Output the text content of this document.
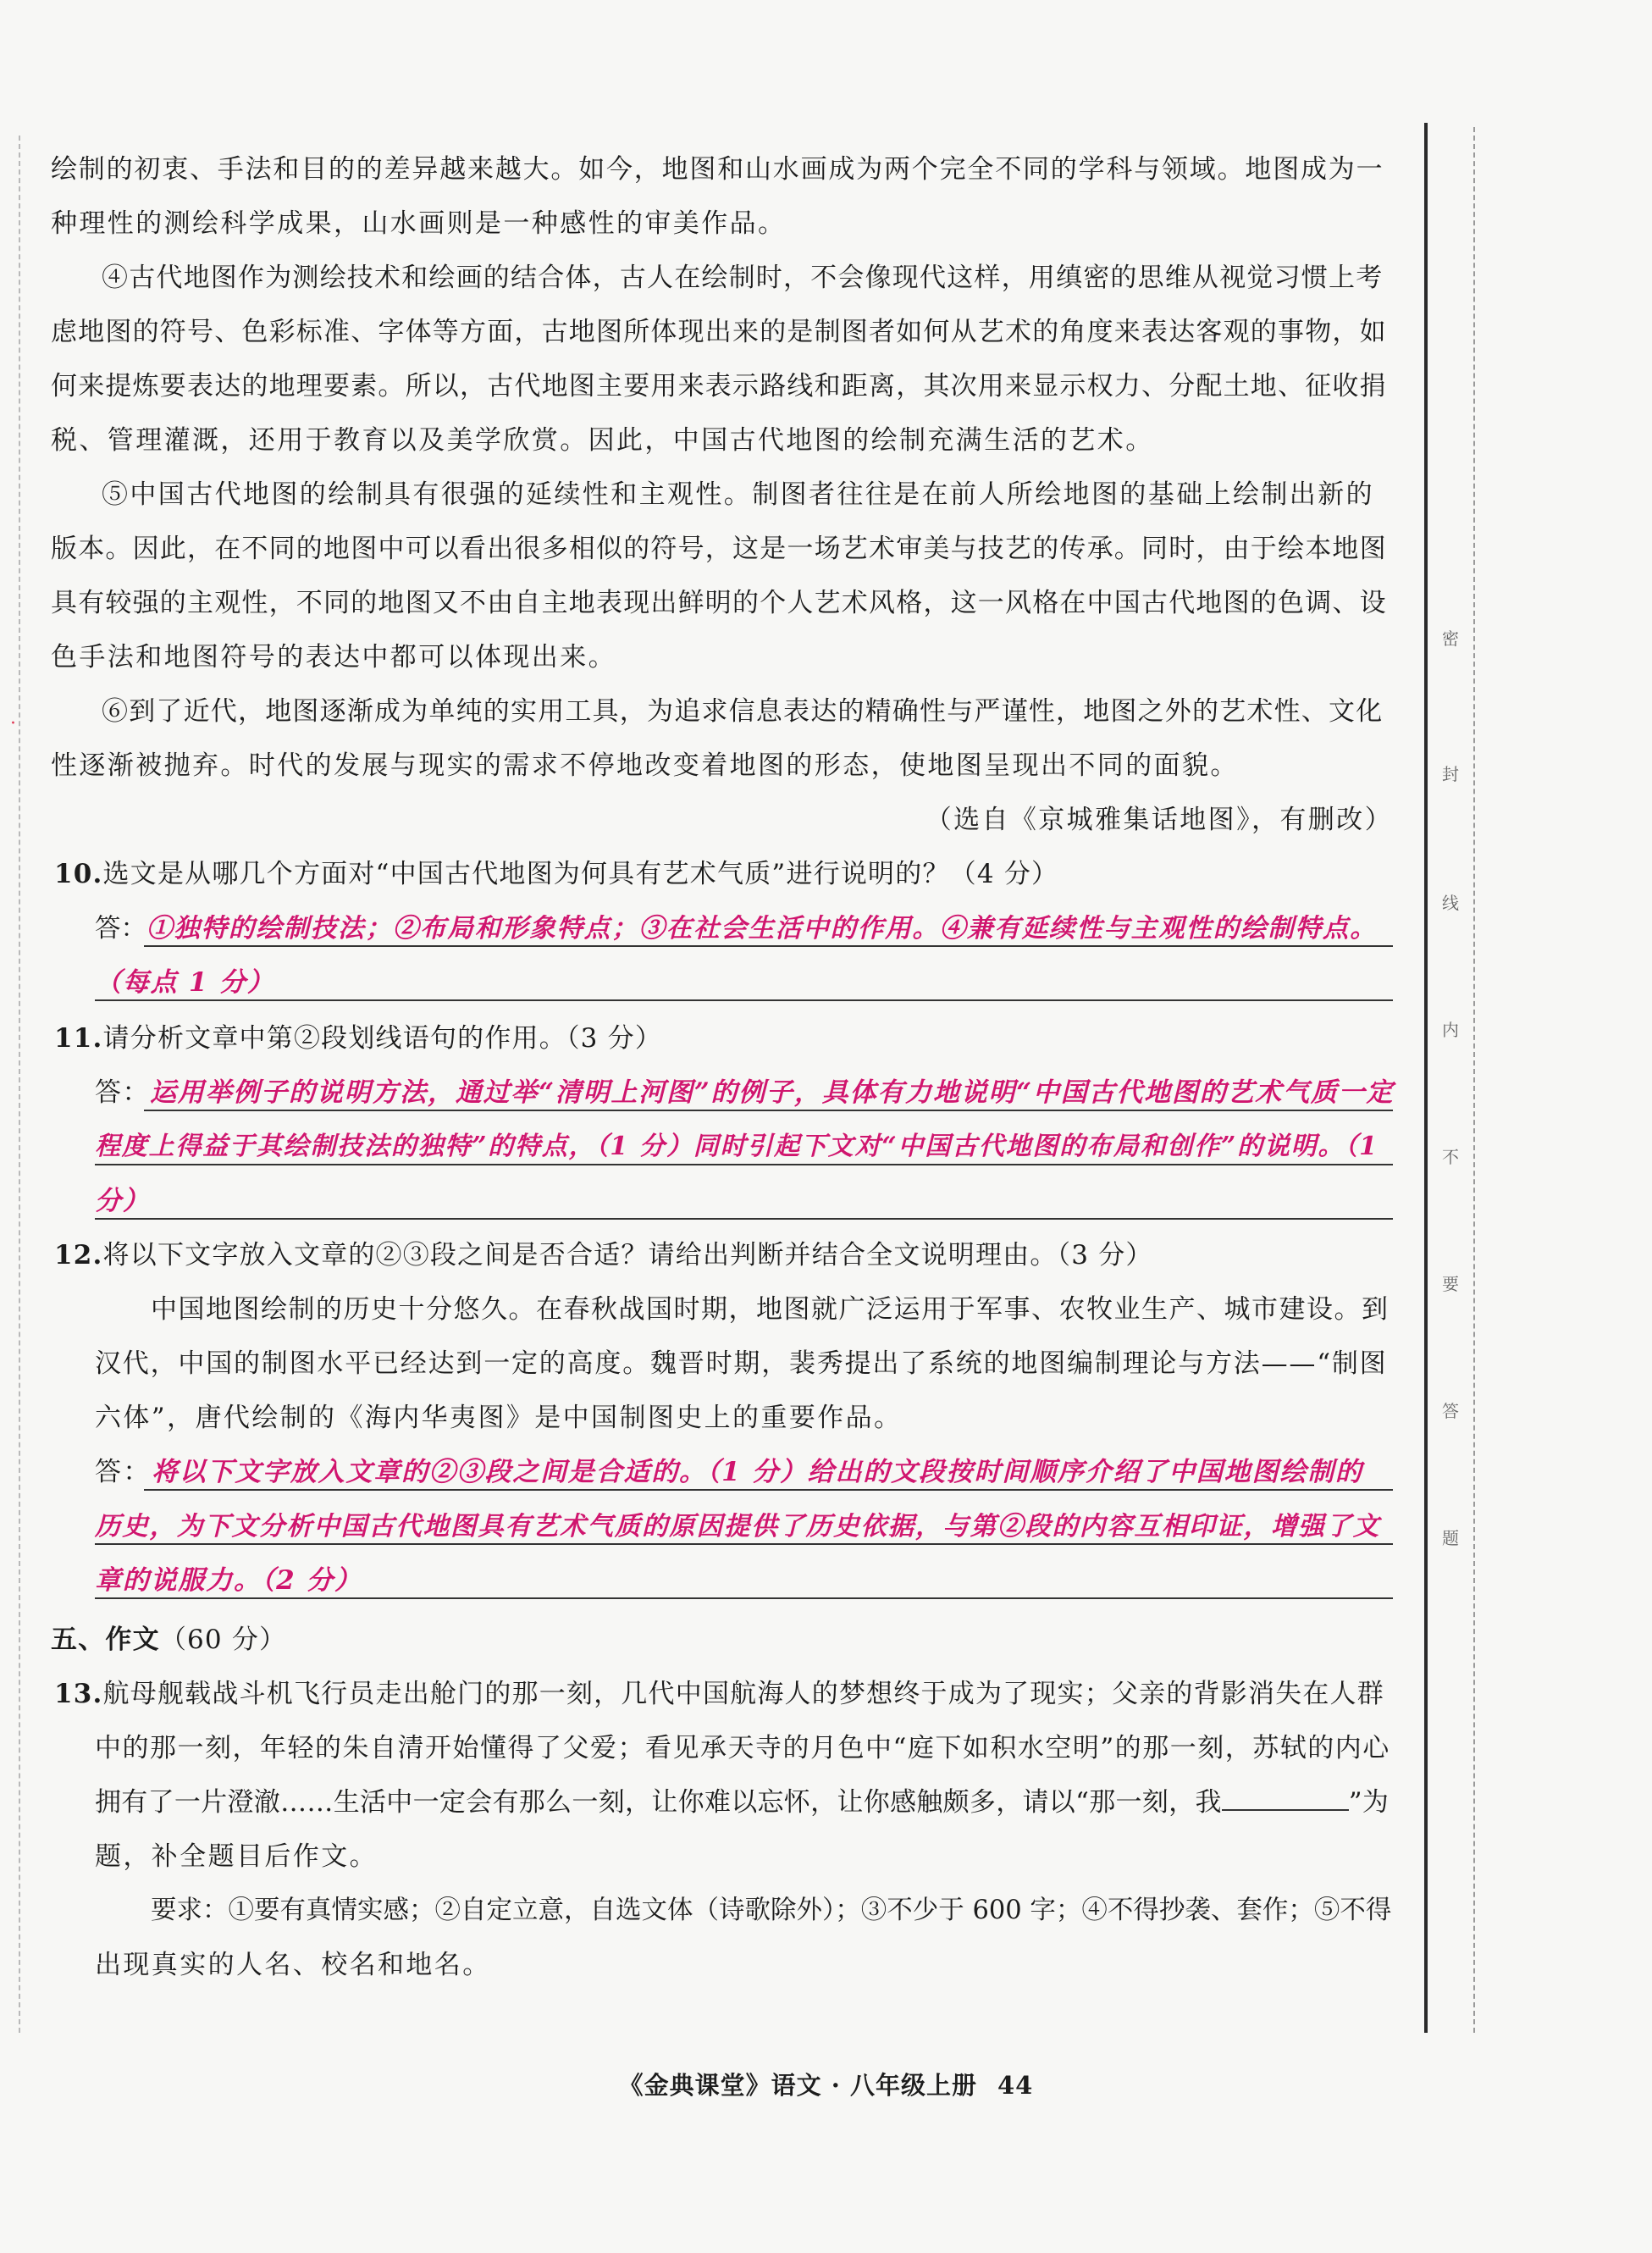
·
密
封
线
内
不
要
答
题
绘制的初衷、手法和目的的差异越来越大。如今，地图和山水画成为两个完全不同的学科与领域。地图成为一
种理性的测绘科学成果，山水画则是一种感性的审美作品。
④古代地图作为测绘技术和绘画的结合体，古人在绘制时，不会像现代这样，用缜密的思维从视觉习惯上考
虑地图的符号、色彩标准、字体等方面，古地图所体现出来的是制图者如何从艺术的角度来表达客观的事物，如
何来提炼要表达的地理要素。所以，古代地图主要用来表示路线和距离，其次用来显示权力、分配土地、征收捐
税、管理灌溉，还用于教育以及美学欣赏。因此，中国古代地图的绘制充满生活的艺术。
⑤中国古代地图的绘制具有很强的延续性和主观性。制图者往往是在前人所绘地图的基础上绘制出新的
版本。因此，在不同的地图中可以看出很多相似的符号，这是一场艺术审美与技艺的传承。同时，由于绘本地图
具有较强的主观性，不同的地图又不由自主地表现出鲜明的个人艺术风格，这一风格在中国古代地图的色调、设
色手法和地图符号的表达中都可以体现出来。
⑥到了近代，地图逐渐成为单纯的实用工具，为追求信息表达的精确性与严谨性，地图之外的艺术性、文化
性逐渐被抛弃。时代的发展与现实的需求不停地改变着地图的形态，使地图呈现出不同的面貌。
（选自《京城雅集话地图》，有删改）
10.选文是从哪几个方面对“中国古代地图为何具有艺术气质”进行说明的？（4 分）
答：①独特的绘制技法；②布局和形象特点；③在社会生活中的作用。④兼有延续性与主观性的绘制特点。
（每点 1 分）
11.请分析文章中第②段划线语句的作用。（3 分）
答：运用举例子的说明方法，通过举“清明上河图”的例子，具体有力地说明“中国古代地图的艺术气质一定
程度上得益于其绘制技法的独特”的特点，（1 分）同时引起下文对“中国古代地图的布局和创作”的说明。（1
分）
12.将以下文字放入文章的②③段之间是否合适？请给出判断并结合全文说明理由。（3 分）
中国地图绘制的历史十分悠久。在春秋战国时期，地图就广泛运用于军事、农牧业生产、城市建设。到
汉代，中国的制图水平已经达到一定的高度。魏晋时期，裴秀提出了系统的地图编制理论与方法——“制图
六体”，唐代绘制的《海内华夷图》是中国制图史上的重要作品。
答：将以下文字放入文章的②③段之间是合适的。（1 分）给出的文段按时间顺序介绍了中国地图绘制的
历史，为下文分析中国古代地图具有艺术气质的原因提供了历史依据，与第②段的内容互相印证，增强了文
章的说服力。（2 分）
五、作文（60 分）
13.航母舰载战斗机飞行员走出舱门的那一刻，几代中国航海人的梦想终于成为了现实；父亲的背影消失在人群
中的那一刻，年轻的朱自清开始懂得了父爱；看见承天寺的月色中“庭下如积水空明”的那一刻，苏轼的内心
拥有了一片澄澈……生活中一定会有那么一刻，让你难以忘怀，让你感触颇多，请以“那一刻，我	”为
题，补全题目后作文。
要求：①要有真情实感；②自定立意，自选文体（诗歌除外）；③不少于 600 字；④不得抄袭、套作；⑤不得
出现真实的人名、校名和地名。
《金典课堂》语文 · 八年级上册 44
